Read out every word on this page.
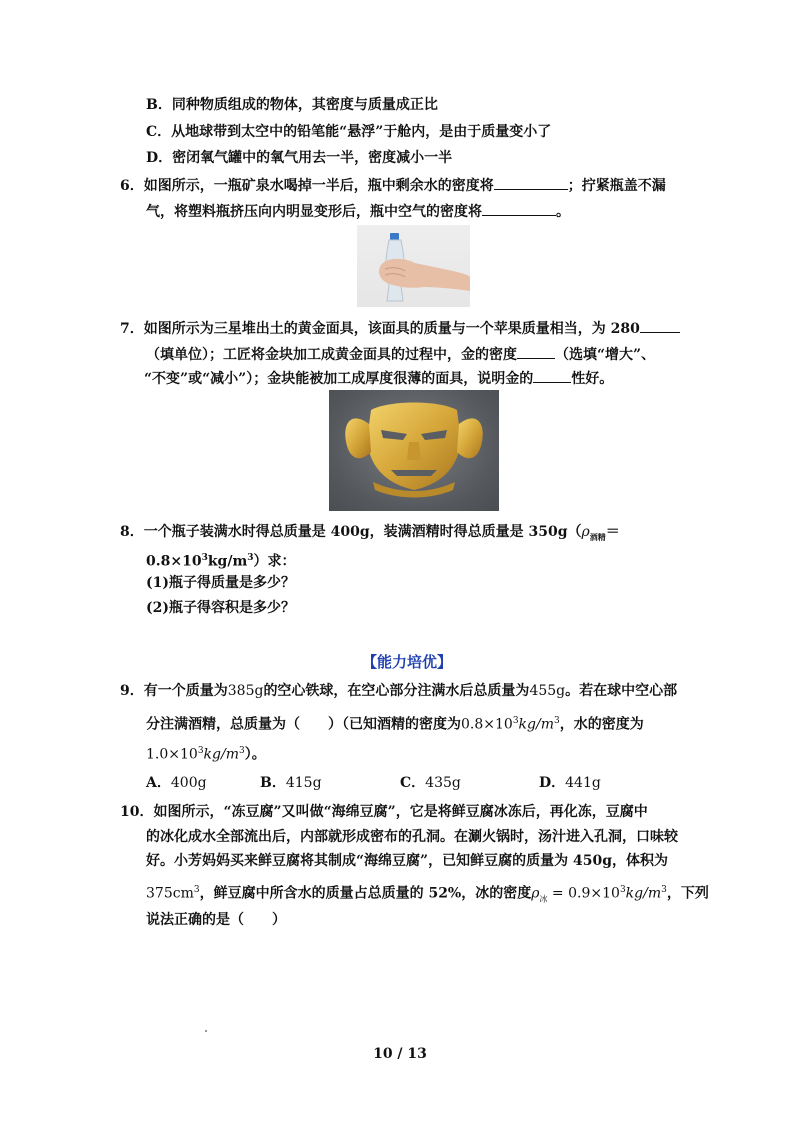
B．同种物质组成的物体，其密度与质量成正比
C．从地球带到太空中的铅笔能“悬浮”于舱内，是由于质量变小了
D．密闭氧气罐中的氧气用去一半，密度减小一半
6．如图所示，一瓶矿泉水喝掉一半后，瓶中剩余水的密度将	；拧紧瓶盖不漏
气，将塑料瓶挤压向内明显变形后，瓶中空气的密度将	。
7．如图所示为三星堆出土的黄金面具，该面具的质量与一个苹果质量相当，为 280
（填单位）；工匠将金块加工成黄金面具的过程中，金的密度	（选填“增大”、
“不变”或“减小”）；金块能被加工成厚度很薄的面具，说明金的	性好。
8．一个瓶子装满水时得总质量是 400g，装满酒精时得总质量是 $350g(\rho_{酒精}=$
$0.8\times 10^3kg/m^3$）求：
(1)瓶子得质量是多少？
(2)瓶子得容积是多少？
【能力培优】
9．有一个质量为385g的空心铁球，在空心部分注满水后总质量为455g。若在球中空心部
分注满酒精，总质量为（　　）（已知酒精的密度为$0.8\times 10^3kg/m^3$，水的密度为
$1.0\times 10^3kg/m^3$）。
A．400g	B．415g	C．435g	D．441g
10．如图所示，“冻豆腐”又叫做“海绵豆腐”，它是将鲜豆腐冰冻后，再化冻，豆腐中
的冰化成水全部流出后，内部就形成密布的孔洞。在涮火锅时，汤汁进入孔洞，口味较
好。小芳妈妈买来鲜豆腐将其制成“海绵豆腐”，已知鲜豆腐的质量为 450g，体积为
$375cm^3$，鲜豆腐中所含水的质量占总质量的 52%，冰的密度$\rho_冰 = 0.9\times 10^3kg/m^3$，下列
说法正确的是（　　）
10 / 13
